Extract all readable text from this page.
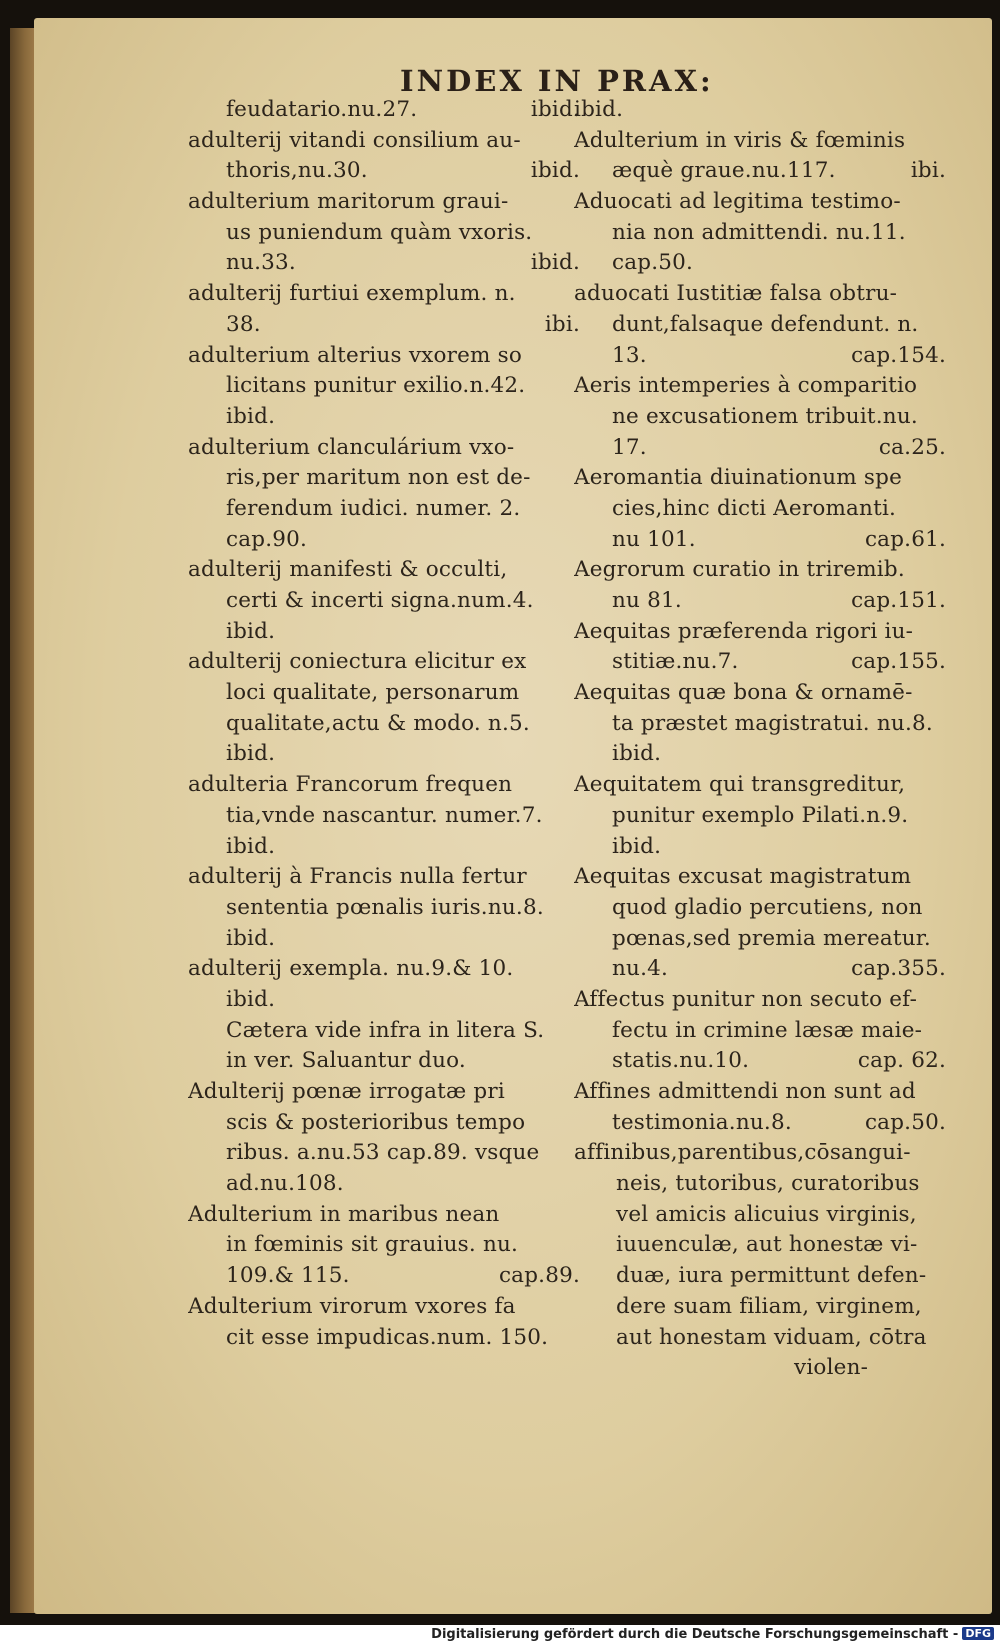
INDEX IN PRAX:
feudatario.nu.27.	ibid.
adulterij vitandi consilium au-
thoris,nu.30.	ibid.
adulterium maritorum graui-
us puniendum quàm vxoris.
nu.33.	ibid.
adulterij furtiui exemplum. n.
38.	ibi.
adulterium alterius vxorem so
licitans punitur exilio.n.42.
ibid.
adulterium clanculárium vxo-
ris,per maritum non est de-
ferendum iudici. numer. 2.
cap.90.
adulterij manifesti & occulti,
certi & incerti signa.num.4.
ibid.
adulterij coniectura elicitur ex
loci qualitate, personarum
qualitate,actu & modo. n.5.
ibid.
adulteria Francorum frequen
tia,vnde nascantur. numer.7.
ibid.
adulterij à Francis nulla fertur
sententia pœnalis iuris.nu.8.
ibid.
adulterij exempla. nu.9.& 10.
ibid.
Cætera vide infra in litera S.
in ver. Saluantur duo.
Adulterij pœnæ irrogatæ pri
scis & posterioribus tempo
ribus. a.nu.53 cap.89. vsque
ad.nu.108.
Adulterium in maribus nean
in fœminis sit grauius. nu.
109.& 115.	cap.89.
Adulterium virorum vxores fa
cit esse impudicas.num. 150.
ibid.
Adulterium in viris & fœminis
æquè graue.nu.117.	ibi.
Aduocati ad legitima testimo-
nia non admittendi. nu.11.
cap.50.
aduocati Iustitiæ falsa obtru-
dunt,falsaque defendunt. n.
13.	cap.154.
Aeris intemperies à comparitio
ne excusationem tribuit.nu.
17.	ca.25.
Aeromantia diuinationum spe
cies,hinc dicti Aeromanti.
nu 101.	cap.61.
Aegrorum curatio in triremib.
nu 81.	cap.151.
Aequitas præferenda rigori iu-
stitiæ.nu.7.	cap.155.
Aequitas quæ bona & ornamē-
ta præstet magistratui. nu.8.
ibid.
Aequitatem qui transgreditur,
punitur exemplo Pilati.n.9.
ibid.
Aequitas excusat magistratum
quod gladio percutiens, non
pœnas,sed premia mereatur.
nu.4.	cap.355.
Affectus punitur non secuto ef-
fectu in crimine læsæ maie-
statis.nu.10.	cap. 62.
Affines admittendi non sunt ad
testimonia.nu.8.	cap.50.
affinibus,parentibus,cōsangui-
neis, tutoribus, curatoribus
vel amicis alicuius virginis,
iuuenculæ, aut honestæ vi-
duæ, iura permittunt defen-
dere suam filiam, virginem,
aut honestam viduam, cōtra
violen-
Digitalisierung gefördert durch die Deutsche Forschungsgemeinschaft - DFG
